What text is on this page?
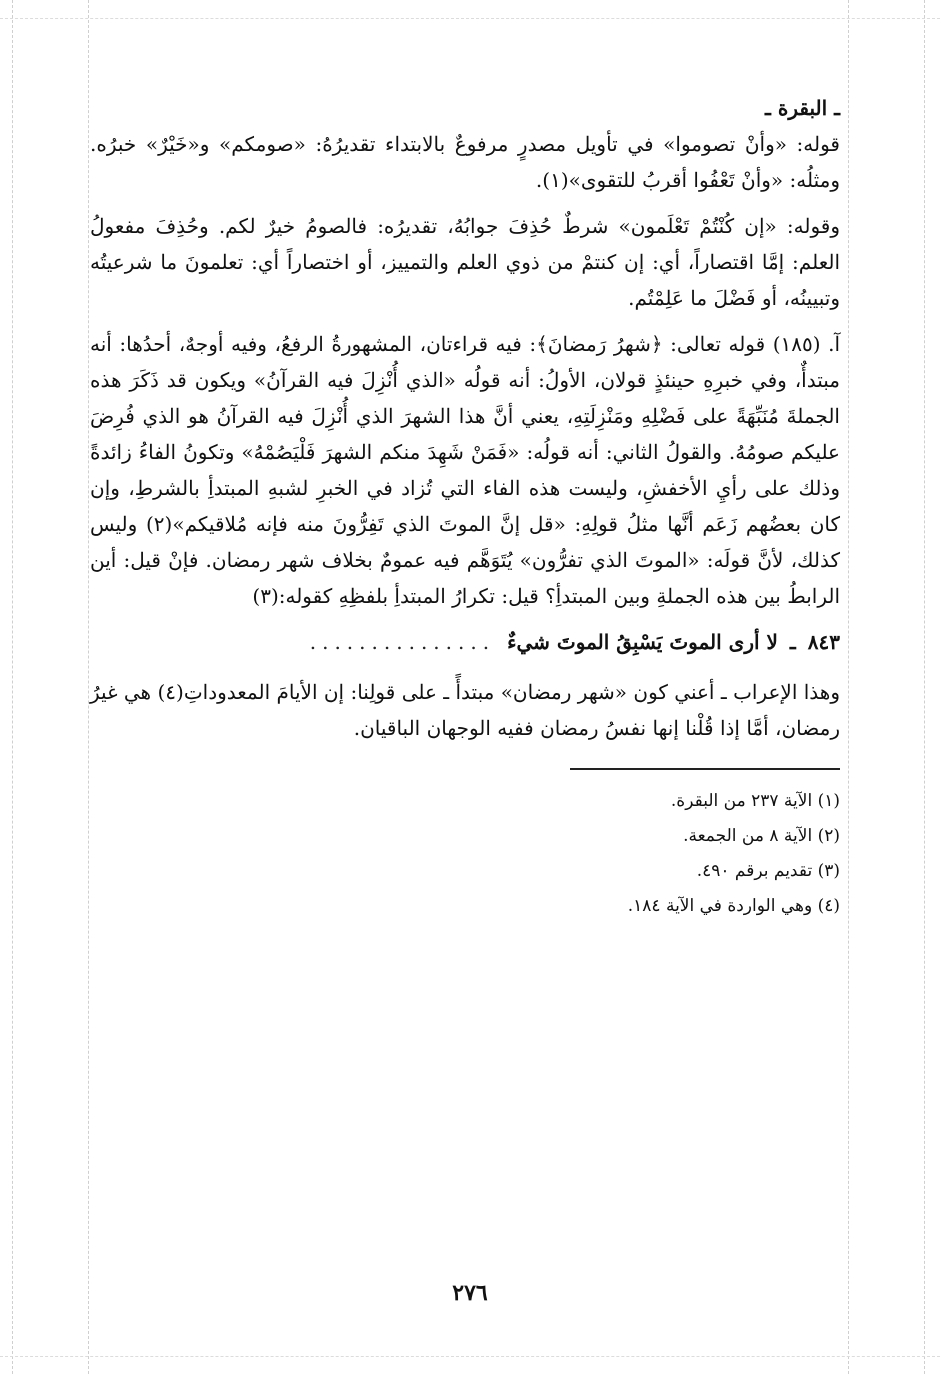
ـ البقرة ـ

قوله: «وأنْ تصوموا» في تأويل مصدرٍ مرفوعٌ بالابتداء تقديرُهُ: «صومكم» و«خَيْرٌ» خبرُه. ومثلُه: «وأنْ تَعْفُوا أقربُ للتقوى»(١).

وقوله: «إن كُنْتُمْ تَعْلَمون» شرطٌ حُذِفَ جوابُهُ، تقديرُه: فالصومُ خيرٌ لكم. وحُذِفَ مفعولُ العلم: إمَّا اقتصاراً، أي: إن كنتمْ من ذوي العلم والتمييز، أو اختصاراً أي: تعلمونَ ما شرعيتُه وتبيينُه، أو فَضْلَ ما عَلِمْتُم.

آ. (١٨٥) قوله تعالى: ﴿شهرُ رَمضانَ﴾: فيه قراءتان، المشهورةُ الرفعُ، وفيه أوجهٌ، أحدُها: أنه مبتدأٌ، وفي خبرِهِ حينئذٍ قولان، الأولُ: أنه قولُه «الذي أُنْزِلَ فيه القرآنُ» ويكون قد ذَكَرَ هذه الجملةَ مُنَبِّهَةً على فَضْلِهِ ومَنْزِلَتِهِ، يعني أنَّ هذا الشهرَ الذي أُنْزِلَ فيه القرآنُ هو الذي فُرِضَ عليكم صومُهُ. والقولُ الثاني: أنه قولُه: «فَمَنْ شَهِدَ منكم الشهرَ فَلْيَصُمْهُ» وتكونُ الفاءُ زائدةً وذلك على رأيِ الأخفشِ، وليست هذه الفاء التي تُزاد في الخبرِ لشبهِ المبتدأِ بالشرطِ، وإن كان بعضُهم زَعَم أنَّها مثلُ قولِهِ: «قل إنَّ الموتَ الذي تَفِرُّونَ منه فإنه مُلاقيكم»(٢) وليس كذلك، لأنَّ قولَه: «الموتَ الذي تفرُّون» يُتَوَهَّم فيه عمومٌ بخلاف شهر رمضان. فإنْ قيل: أين الرابطُ بين هذه الجملةِ وبين المبتدأِ؟ قيل: تكرارُ المبتدأِ بلفظِهِ كقوله:(٣)

٨٤٣
ـ
لا أرى الموتَ يَسْبِقُ الموتَ شيءٌ
...............

وهذا الإعراب ـ أعني كون «شهر رمضان» مبتدأً ـ على قولِنا: إن الأيامَ المعدوداتِ(٤) هي غيرُ رمضان، أمَّا إذا قُلْنا إنها نفسُ رمضان ففيه الوجهان الباقيان.

(١) الآية ٢٣٧ من البقرة.

(٢) الآية ٨ من الجمعة.

(٣) تقديم برقم ٤٩٠.

(٤) وهي الواردة في الآية ١٨٤.

٢٧٦
